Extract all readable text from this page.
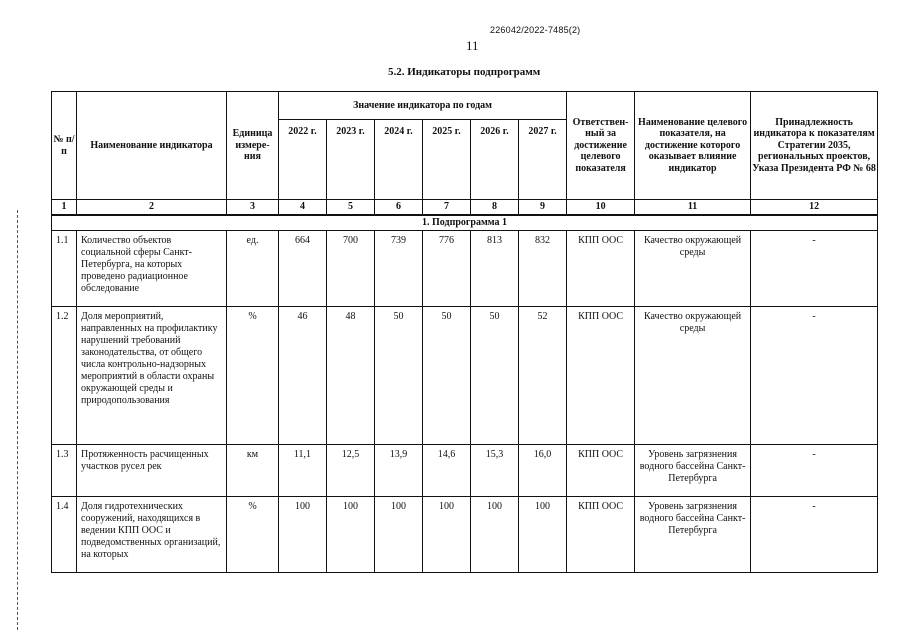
226042/2022-7485(2)
11
5.2. Индикаторы подпрограмм
№ п/п	Наименование индикатора	Единица измере-ния	Значение индикатора по годам						Ответствен-ный за достижение целевого показателя	Наименование целевого показателя, на достижение которого оказывает влияние индикатор	Принадлежность индикатора к показателям Стратегии 2035, региональных проектов, Указа Президента РФ № 68
			2022 г.	2023 г.	2024 г.	2025 г.	2026 г.	2027 г.			
1	2	3	4	5	6	7	8	9	10	11	12
1. Подпрограмма 1											
1.1	Количество объектов социальной сферы Санкт-Петербурга, на которых проведено радиационное обследование	ед.	664	700	739	776	813	832	КПП ООС	Качество окружающей среды	-
1.2	Доля мероприятий, направленных на профилактику нарушений требований законодательства, от общего числа контрольно-надзорных мероприятий в области охраны окружающей среды и природопользования	%	46	48	50	50	50	52	КПП ООС	Качество окружающей среды	-
1.3	Протяженность расчищенных участков русел рек	км	11,1	12,5	13,9	14,6	15,3	16,0	КПП ООС	Уровень загрязнения водного бассейна Санкт-Петербурга	-
1.4	Доля гидротехнических сооружений, находящихся в ведении КПП ООС и подведомственных организаций, на которых	%	100	100	100	100	100	100	КПП ООС	Уровень загрязнения водного бассейна Санкт-Петербурга	-
